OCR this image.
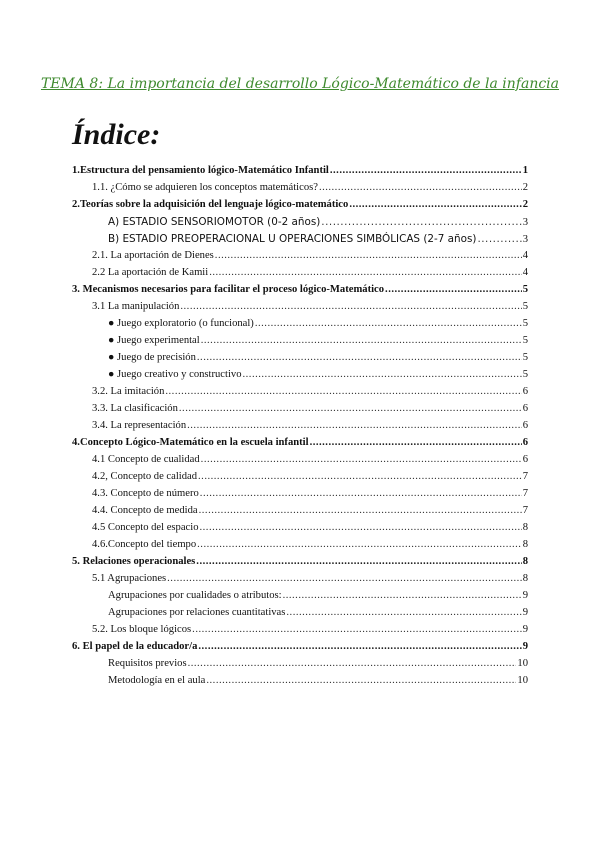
TEMA 8: La importancia del desarrollo Lógico-Matemático de la infancia
Índice:
1.Estructura del pensamiento lógico-Matemático Infantil .....	1
1.1. ¿Cómo se adquieren los conceptos matemáticos? .....	2
2.Teorías sobre la adquisición del lenguaje lógico-matemático .....	2
A) ESTADIO SENSORIOMOTOR (0-2 años) .....	3
B) ESTADIO PREOPERACIONAL U OPERACIONES SIMBÓLICAS (2-7 años) .....	3
2.1. La aportación de Dienes .....	4
2.2 La aportación de Kamii .....	4
3. Mecanismos necesarios para facilitar el proceso lógico-Matemático .....	5
3.1 La manipulación .....	5
● Juego exploratorio (o funcional) .....	5
● Juego experimental .....	5
● Juego de precisión .....	5
● Juego creativo y constructivo .....	5
3.2. La imitación .....	6
3.3. La clasificación .....	6
3.4. La representación .....	6
4.Concepto Lógico-Matemático en la escuela infantil .....	6
4.1 Concepto de cualidad .....	6
4.2, Concepto de calidad .....	7
4.3. Concepto de número .....	7
4.4. Concepto de medida .....	7
4.5 Concepto del espacio .....	8
4.6.Concepto del tiempo .....	8
5. Relaciones operacionales .....	8
5.1 Agrupaciones .....	8
Agrupaciones por cualidades o atributos: .....	9
Agrupaciones por relaciones cuantitativas .....	9
5.2. Los bloque lógicos .....	9
6. El papel de la educador/a .....	9
Requisitos previos .....	10
Metodología en el aula .....	10
